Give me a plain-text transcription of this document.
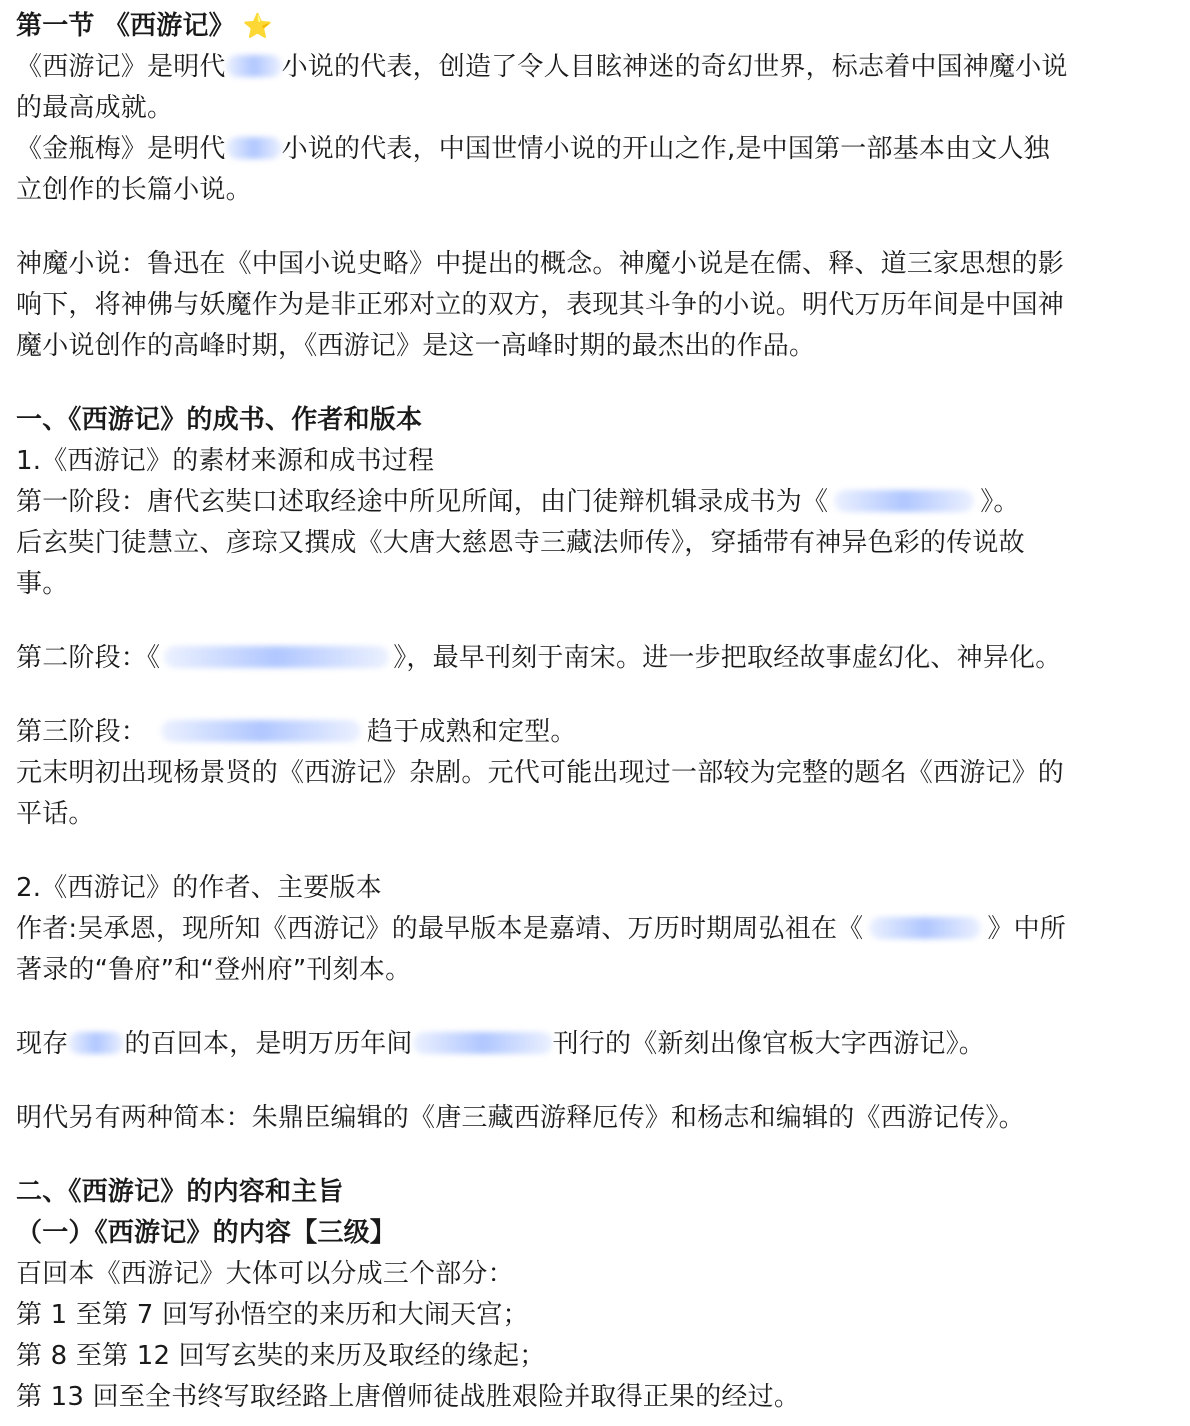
第一节 《西游记》 ⭐
《西游记》是明代 小说的代表，创造了令人目眩神迷的奇幻世界，标志着中国神魔小说
的最高成就。
《金瓶梅》是明代 小说的代表，中国世情小说的开山之作,是中国第一部基本由文人独
立创作的长篇小说。
神魔小说：鲁迅在《中国小说史略》中提出的概念。神魔小说是在儒、释、道三家思想的影
响下，将神佛与妖魔作为是非正邪对立的双方，表现其斗争的小说。明代万历年间是中国神
魔小说创作的高峰时期，《西游记》是这一高峰时期的最杰出的作品。
一、《西游记》的成书、作者和版本
1.《西游记》的素材来源和成书过程
第一阶段：唐代玄奘口述取经途中所见所闻，由门徒辩机辑录成书为《	》。
后玄奘门徒慧立、彦琮又撰成《大唐大慈恩寺三藏法师传》，穿插带有神异色彩的传说故
事。
第二阶段：《	》，最早刊刻于南宋。进一步把取经故事虚幻化、神异化。
第三阶段：	趋于成熟和定型。
元末明初出现杨景贤的《西游记》杂剧。元代可能出现过一部较为完整的题名《西游记》的
平话。
2.《西游记》的作者、主要版本
作者:吴承恩，现所知《西游记》的最早版本是嘉靖、万历时期周弘祖在《	》中所
著录的“鲁府”和“登州府”刊刻本。
现存 的百回本，是明万历年间	刊行的《新刻出像官板大字西游记》。
明代另有两种简本：朱鼎臣编辑的《唐三藏西游释厄传》和杨志和编辑的《西游记传》。
二、《西游记》的内容和主旨
（一）《西游记》的内容【三级】
百回本《西游记》大体可以分成三个部分：
第 1 至第 7 回写孙悟空的来历和大闹天宫；
第 8 至第 12 回写玄奘的来历及取经的缘起；
第 13 回至全书终写取经路上唐僧师徒战胜艰险并取得正果的经过。
